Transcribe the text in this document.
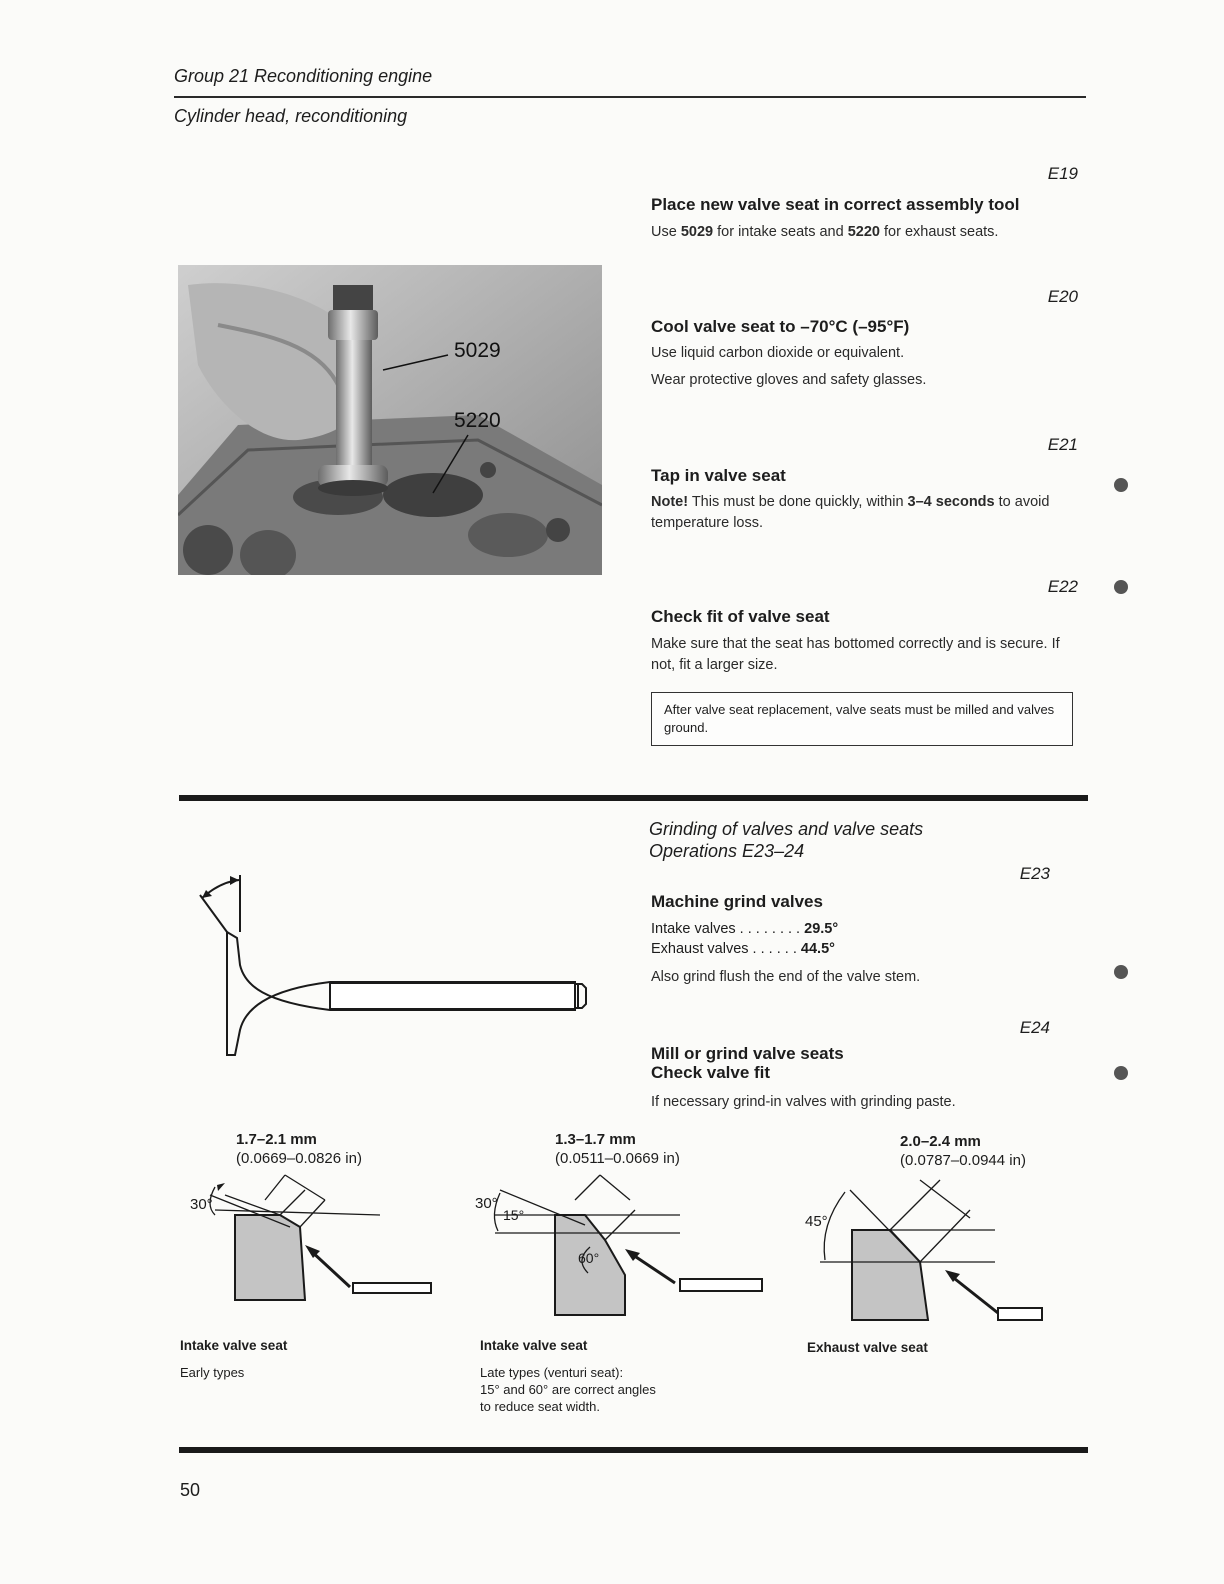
Group 21 Reconditioning engine
Cylinder head, reconditioning
5029
5220
E19
Place new valve seat in correct assembly tool
Use 5029 for intake seats and 5220 for exhaust seats.
E20
Cool valve seat to –70°C (–95°F)
Use liquid carbon dioxide or equivalent.
Wear protective gloves and safety glasses.
E21
Tap in valve seat
Note! This must be done quickly, within 3–4 seconds to avoid temperature loss.
E22
Check fit of valve seat
Make sure that the seat has bottomed correctly and is secure. If not, fit a larger size.
After valve seat replacement, valve seats must be milled and valves ground.
Grinding of valves and valve seats
Operations E23–24
E23
Machine grind valves
Intake valves . . . . . . . . 29.5°
Exhaust valves . . . . . . 44.5°
Also grind flush the end of the valve stem.
E24
Mill or grind valve seats
Check valve fit
If necessary grind-in valves with grinding paste.
1.7–2.1 mm
(0.0669–0.0826 in)
30°
Intake valve seat
Early types
1.3–1.7 mm
(0.0511–0.0669 in)
30°
15°
60°
Intake valve seat
Late types (venturi seat):
15° and 60° are correct angles
to reduce seat width.
2.0–2.4 mm
(0.0787–0.0944 in)
45°
Exhaust valve seat
50
